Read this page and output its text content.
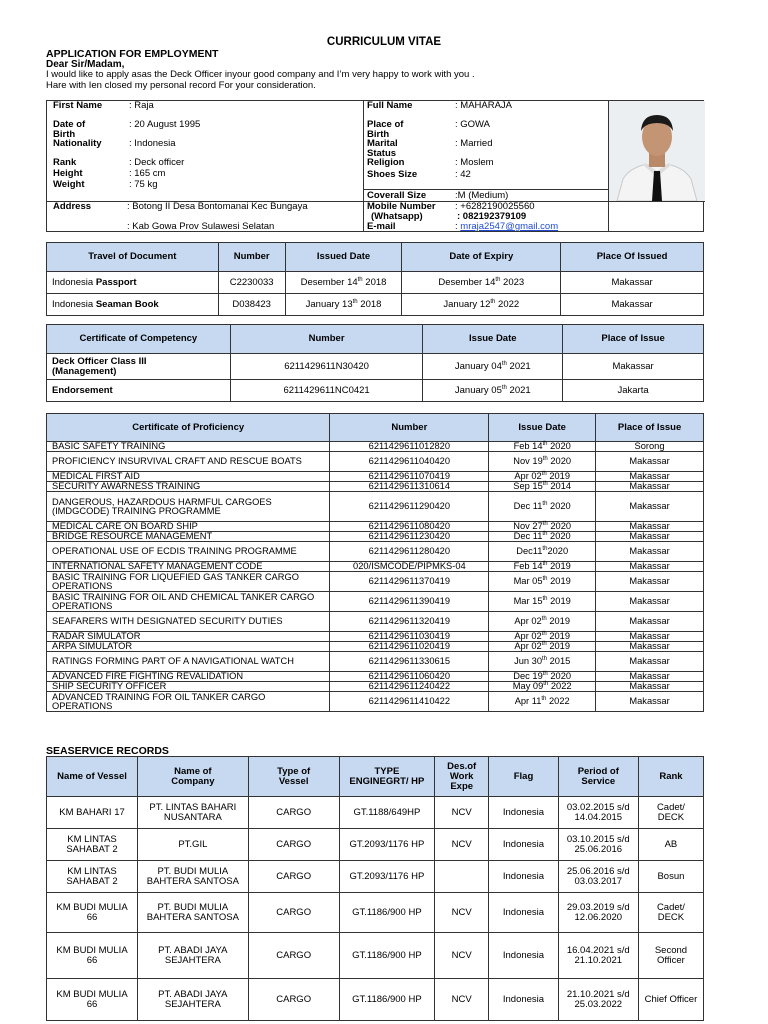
CURRICULUM VITAE
APPLICATION FOR EMPLOYMENT
Dear Sir/Madam,
I would like to apply asas the Deck Officer inyour good company and I’m very happy to work with you .
Hare with Ien closed my personal record For your consideration.
First Name	: Raja
Date of Birth
: 20 August 1995
Nationality	: Indonesia
Rank	: Deck officer
Height	: 165 cm
Weight	: 75 kg
Address	: Botong II Desa Bontomanai Kec Bungaya
: Kab Gowa Prov Sulawesi Selatan
Full Name	: MAHARAJA
Place of Birth
: GOWA
Marital Status
: Married
Religion	: Moslem
Shoes Size	: 42
Coverall Size	:M (Medium)
Mobile Number : +6282190025560
(Whatsapp)	: 082192379109
E-mail	: mraja2547@gmail.com
Travel of Document	Number	Issued Date	Date of Expiry	Place Of Issued
Indonesia Passport	C2230033	Desember 14th 2018	Desember 14th 2023	Makassar
Indonesia Seaman Book	D038423	January 13th 2018	January 12th 2022	Makassar
Certificate of Competency	Number	Issue Date	Place of Issue
Deck Officer Class III (Management)	6211429611N30420	January 04th 2021	Makassar
Endorsement	6211429611NC0421	January 05th 2021	Jakarta
Certificate of Proficiency	Number	Issue Date	Place of Issue
BASIC SAFETY TRAINING	6211429611012820	Feb 14th 2020	Sorong
PROFICIENCY INSURVIVAL CRAFT AND RESCUE BOATS	6211429611040420	Nov 19th 2020	Makassar
MEDICAL FIRST AID	6211429611070419	Apr 02th 2019	Makassar
SECURITY AWARNESS TRAINING	6211429611310614	Sep 15th 2014	Makassar
DANGEROUS, HAZARDOUS HARMFUL CARGOES (IMDGCODE) TRAINING PROGRAMME	6211429611290420	Dec 11th 2020	Makassar
MEDICAL CARE ON BOARD SHIP	6211429611080420	Nov 27th 2020	Makassar
BRIDGE RESOURCE MANAGEMENT	6211429611230420	Dec 11th 2020	Makassar
OPERATIONAL USE OF ECDIS TRAINING PROGRAMME	6211429611280420	Dec11th2020	Makassar
INTERNATIONAL SAFETY MANAGEMENT CODE	020/ISMCODE/PIPMKS-04	Feb 14th 2019	Makassar
BASIC TRAINING FOR LIQUEFIED GAS TANKER CARGO OPERATIONS	6211429611370419	Mar 05th 2019	Makassar
BASIC TRAINING FOR OIL AND CHEMICAL TANKER CARGO OPERATIONS	6211429611390419	Mar 15th 2019	Makassar
SEAFARERS WITH DESIGNATED SECURITY DUTIES	6211429611320419	Apr 02th 2019	Makassar
RADAR SIMULATOR	6211429611030419	Apr 02th 2019	Makassar
ARPA SIMULATOR	6211429611020419	Apr 02th 2019	Makassar
RATINGS FORMING PART OF A NAVIGATIONAL WATCH	6211429611330615	Jun 30th 2015	Makassar
ADVANCED FIRE FIGHTING REVALIDATION	6211429611060420	Dec 19th 2020	Makassar
SHIP SECURITY OFFICER	6211429611240422	May 09th 2022	Makassar
ADVANCED TRAINING FOR OIL TANKER CARGO OPERATIONS	6211429611410422	Apr 11th 2022	Makassar
SEASERVICE RECORDS
Name of Vessel	Name of Company	Type of Vessel	TYPE ENGINEGRT/ HP	Des.of Work Expe	Flag	Period of Service	Rank
KM BAHARI 17	PT. LINTAS BAHARI NUSANTARA	CARGO	GT.1188/649HP	NCV	Indonesia	03.02.2015 s/d 14.04.2015	Cadet/ DECK
KM LINTAS SAHABAT 2	PT.GIL	CARGO	GT.2093/1176 HP	NCV	Indonesia	03.10.2015 s/d 25.06.2016	AB
KM LINTAS SAHABAT 2	PT. BUDI MULIA BAHTERA SANTOSA	CARGO	GT.2093/1176 HP		Indonesia	25.06.2016 s/d 03.03.2017	Bosun
KM BUDI MULIA 66	PT. BUDI MULIA BAHTERA SANTOSA	CARGO	GT.1186/900 HP	NCV	Indonesia	29.03.2019 s/d 12.06.2020	Cadet/ DECK
KM BUDI MULIA 66	PT. ABADI JAYA SEJAHTERA	CARGO	GT.1186/900 HP	NCV	Indonesia	16.04.2021 s/d 21.10.2021	Second Officer
KM BUDI MULIA 66	PT. ABADI JAYA SEJAHTERA	CARGO	GT.1186/900 HP	NCV	Indonesia	21.10.2021 s/d 25.03.2022	Chief Officer
